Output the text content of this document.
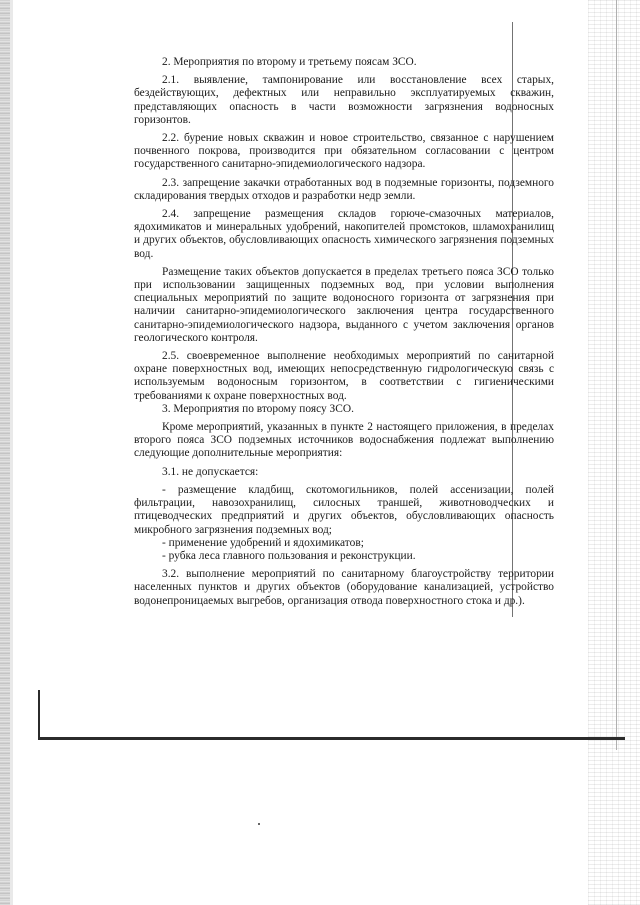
2. Мероприятия по второму и третьему поясам ЗСО.

2.1. выявление, тампонирование или восстановление всех старых, бездействующих, дефектных или неправильно эксплуатируемых скважин, представляющих опасность в части возможности загрязнения водоносных горизонтов.

2.2. бурение новых скважин и новое строительство, связанное с нарушением почвенного покрова, производится при обязательном согласовании с центром государственного санитарно-эпидемиологического надзора.

2.3. запрещение закачки отработанных вод в подземные горизонты, подземного складирования твердых отходов и разработки недр земли.

2.4. запрещение размещения складов горюче-смазочных материалов, ядохимикатов и минеральных удобрений, накопителей промстоков, шламохранилищ и других объектов, обусловливающих опасность химического загрязнения подземных вод.

Размещение таких объектов допускается в пределах третьего пояса ЗСО только при использовании защищенных подземных вод, при условии выполнения специальных мероприятий по защите водоносного горизонта от загрязнения при наличии санитарно-эпидемиологического заключения центра государственного санитарно-эпидемиологического надзора, выданного с учетом заключения органов геологического контроля.

2.5. своевременное выполнение необходимых мероприятий по санитарной охране поверхностных вод, имеющих непосредственную гидрологическую связь с используемым водоносным горизонтом, в соответствии с гигиеническими требованиями к охране поверхностных вод.

3. Мероприятия по второму поясу ЗСО.

Кроме мероприятий, указанных в пункте 2 настоящего приложения, в пределах второго пояса ЗСО подземных источников водоснабжения подлежат выполнению следующие дополнительные мероприятия:

3.1. не допускается:

- размещение кладбищ, скотомогильников, полей ассенизации, полей фильтрации, навозохранилищ, силосных траншей, животноводческих и птицеводческих предприятий и других объектов, обусловливающих опасность микробного загрязнения подземных вод;

- применение удобрений и ядохимикатов;

- рубка леса главного пользования и реконструкции.

3.2. выполнение мероприятий по санитарному благоустройству территории населенных пунктов и других объектов (оборудование канализацией, устройство водонепроницаемых выгребов, организация отвода поверхностного стока и др.).
